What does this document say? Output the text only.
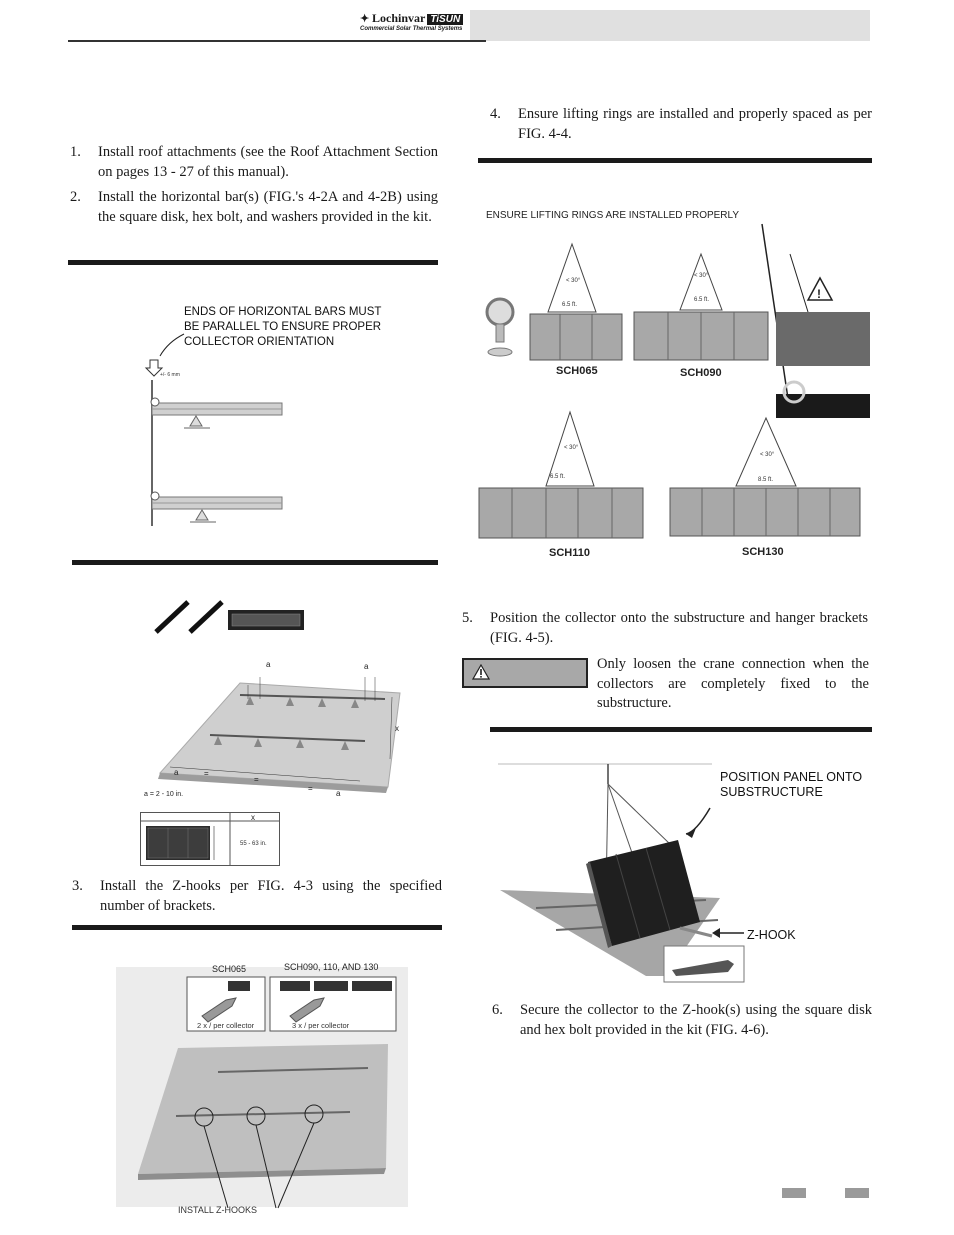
✦ Lochinvar TiSUN
Commercial Solar Thermal Systems
1. Install roof attachments (see the Roof Attachment Section on pages 13 - 27 of this manual).
2. Install the horizontal bar(s) (FIG.'s 4-2A and 4-2B) using the square disk, hex bolt, and washers provided in the kit.
ENDS OF HORIZONTAL BARS MUST BE PARALLEL TO ENSURE PROPER COLLECTOR ORIENTATION
+/- 6 mm
a	a
x
a	=
=
=
a
a = 2 - 10 in.
x
55 - 63 in.
3. Install the Z-hooks per FIG. 4-3 using the specified number of brackets.
SCH065	SCH090, 110, AND 130
2 x / per collector	3 x / per collector
INSTALL Z-HOOKS
4. Ensure lifting rings are installed and properly spaced as per FIG. 4-4.
ENSURE LIFTING RINGS ARE INSTALLED PROPERLY
< 30°
6.5 ft.
< 30°
6.5 ft.
< 30°
6.5 ft.
< 30°
8.5 ft.
!
SCH065	SCH090
SCH110	SCH130
5. Position the collector onto the substructure and hanger brackets (FIG. 4-5).
Only loosen the crane connection when the collectors are completely fixed to the substructure.
POSITION PANEL ONTO SUBSTRUCTURE
Z-HOOK
6. Secure the collector to the Z-hook(s) using the square disk and hex bolt provided in the kit (FIG. 4-6).
